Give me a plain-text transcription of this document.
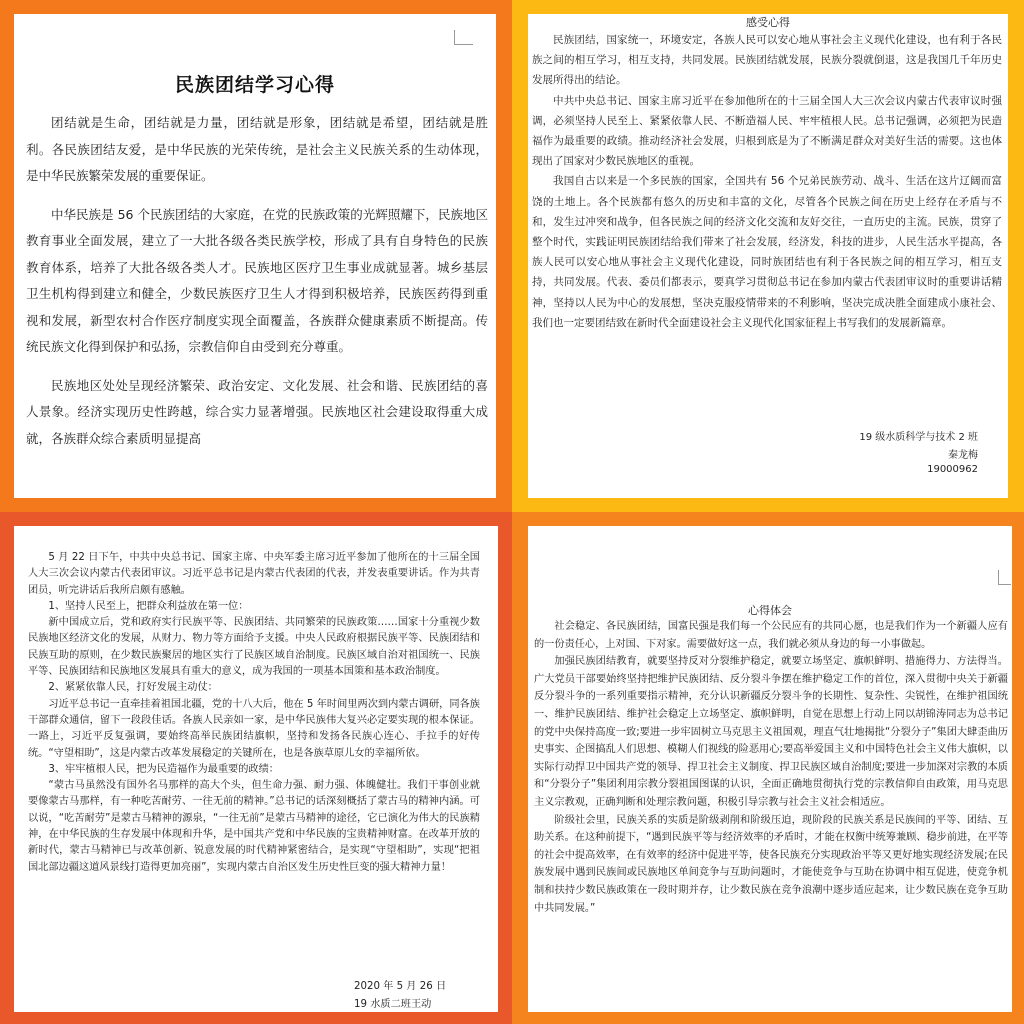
民族团结学习心得

团结就是生命，团结就是力量，团结就是形象，团结就是希望，团结就是胜利。各民族团结友爱，是中华民族的光荣传统，是社会主义民族关系的生动体现，是中华民族繁荣发展的重要保证。

中华民族是 56 个民族团结的大家庭，在党的民族政策的光辉照耀下，民族地区教育事业全面发展，建立了一大批各级各类民族学校，形成了具有自身特色的民族教育体系，培养了大批各级各类人才。民族地区医疗卫生事业成就显著。城乡基层卫生机构得到建立和健全，少数民族医疗卫生人才得到积极培养，民族医药得到重视和发展，新型农村合作医疗制度实现全面覆盖，各族群众健康素质不断提高。传统民族文化得到保护和弘扬，宗教信仰自由受到充分尊重。

民族地区处处呈现经济繁荣、政治安定、文化发展、社会和谐、民族团结的喜人景象。经济实现历史性跨越，综合实力显著增强。民族地区社会建设取得重大成就，各族群众综合素质明显提高

感受心得

民族团结，国家统一，环境安定，各族人民可以安心地从事社会主义现代化建设，也有利于各民族之间的相互学习，相互支持，共同发展。民族团结就发展，民族分裂就倒退，这是我国几千年历史发展所得出的结论。

中共中央总书记、国家主席习近平在参加他所在的十三届全国人大三次会议内蒙古代表审议时强调，必须坚持人民至上、紧紧依靠人民、不断造福人民、牢牢植根人民。总书记强调，必须把为民造福作为最重要的政绩。推动经济社会发展，归根到底是为了不断满足群众对美好生活的需要。这也体现出了国家对少数民族地区的重视。

我国自古以来是一个多民族的国家，全国共有 56 个兄弟民族劳动、战斗、生活在这片辽阔而富饶的土地上。各个民族都有悠久的历史和丰富的文化，尽管各个民族之间在历史上经存在矛盾与不和，发生过冲突和战争，但各民族之间的经济文化交流和友好交往，一直历史的主流。民族，贯穿了整个时代，实践证明民族团结给我们带来了社会发展，经济发，科技的进步，人民生活水平提高，各族人民可以安心地从事社会主义现代化建设，同时族团结也有利于各民族之间的相互学习，相互支持，共同发展。代表、委员们都表示，要真学习贯彻总书记在参加内蒙古代表团审议时的重要讲话精神，坚持以人民为中心的发展想，坚决克服疫情带来的不利影响，坚决完成决胜全面建成小康社会、我们也一定要团结致在新时代全面建设社会主义现代化国家征程上书写我们的发展新篇章。

19 级水质科学与技术 2 班
秦龙梅
19000962

5 月 22 日下午，中共中央总书记、国家主席、中央军委主席习近平参加了他所在的十三届全国人大三次会议内蒙古代表团审议。习近平总书记是内蒙古代表团的代表，并发表重要讲话。作为共青团员，听完讲话后我所启颇有感触。

1、坚持人民至上，把群众利益放在第一位：

新中国成立后，党和政府实行民族平等、民族团结、共同繁荣的民族政策……国家十分重视少数民族地区经济文化的发展，从财力、物力等方面给予支援。中央人民政府根据民族平等、民族团结和民族互助的原则，在少数民族聚居的地区实行了民族区域自治制度。民族区域自治对祖国统一、民族平等、民族团结和民族地区发展具有重大的意义，成为我国的一项基本国策和基本政治制度。

2、紧紧依靠人民，打好发展主动仗：

习近平总书记一直牵挂着祖国北疆，党的十八大后，他在 5 年时间里两次到内蒙古调研，同各族干部群众通信，留下一段段佳话。各族人民亲如一家，是中华民族伟大复兴必定要实现的根本保证。一路上，习近平反复强调，要始终高举民族团结旗帜，坚持和发扬各民族心连心、手拉手的好传统。“守望相助”，这是内蒙古改革发展稳定的关键所在，也是各族草原儿女的幸福所依。

3、牢牢植根人民，把为民造福作为最重要的政绩：

“蒙古马虽然没有国外名马那样的高大个头，但生命力强、耐力强、体魄健壮。我们干事创业就要像蒙古马那样，有一种吃苦耐劳、一往无前的精神。”总书记的话深刻概括了蒙古马的精神内涵。可以说，“吃苦耐劳”是蒙古马精神的源泉，“一往无前”是蒙古马精神的途径，它已演化为伟大的民族精神，在中华民族的生存发展中体现和升华，是中国共产党和中华民族的宝贵精神财富。在改革开放的新时代，蒙古马精神已与改革创新、锐意发展的时代精神紧密结合，是实现“守望相助”，实现“把祖国北部边疆这道风景线打造得更加亮丽”，实现内蒙古自治区发生历史性巨变的强大精神力量！

2020 年 5 月 26 日
19 水质二班王动
心得体会

社会稳定、各民族团结，国富民强是我们每一个公民应有的共同心愿，也是我们作为一个新疆人应有的一份责任心，上对国、下对家。需要做好这一点，我们就必须从身边的每一小事做起。

加强民族团结教育，就要坚持反对分裂维护稳定，就要立场坚定、旗帜鲜明、措施得力、方法得当。广大党员干部要始终坚持把维护民族团结、反分裂斗争摆在维护稳定工作的首位，深入贯彻中央关于新疆反分裂斗争的一系列重要指示精神，充分认识新疆反分裂斗争的长期性、复杂性、尖锐性，在维护祖国统一、维护民族团结、维护社会稳定上立场坚定、旗帜鲜明，自觉在思想上行动上同以胡锦涛同志为总书记的党中央保持高度一致;要进一步牢固树立马克思主义祖国观，理直气壮地揭批“分裂分子”集团大肆歪曲历史事实、企图搞乱人们思想、模糊人们视线的险恶用心;要高举爱国主义和中国特色社会主义伟大旗帜，以实际行动捍卫中国共产党的领导、捍卫社会主义制度、捍卫民族区域自治制度;要进一步加深对宗教的本质和“分裂分子”集团利用宗教分裂祖国图谋的认识，全面正确地贯彻执行党的宗教信仰自由政策，用马克思主义宗教观，正确判断和处理宗教问题，积极引导宗教与社会主义社会相适应。

阶级社会里，民族关系的实质是阶级剥削和阶级压迫，现阶段的民族关系是民族间的平等、团结、互助关系。在这种前提下，“遇到民族平等与经济效率的矛盾时，才能在权衡中统筹兼顾、稳步前进，在平等的社会中提高效率，在有效率的经济中促进平等，使各民族充分实现政治平等又更好地实现经济发展;在民族发展中遇到民族间或民族地区单间竞争与互助问题时，才能使竞争与互助在协调中相互促进，使竞争机制和扶持少数民族政策在一段时期并存，让少数民族在竞争浪潮中逐步适应起来，让少数民族在竞争互助中共同发展。”
